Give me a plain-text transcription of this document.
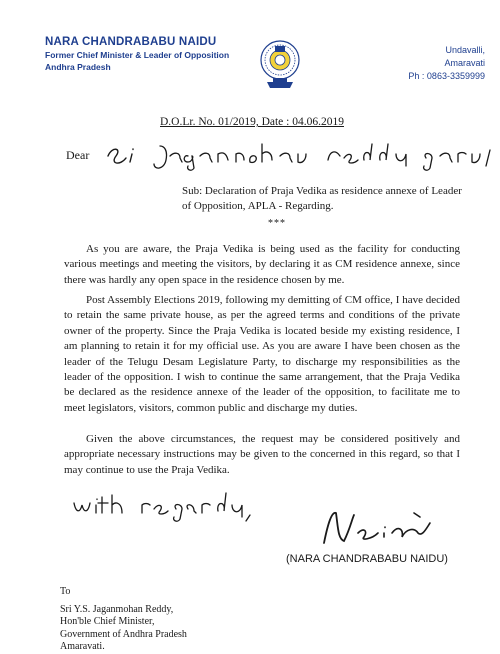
NARA CHANDRABABU NAIDU
Former Chief Minister & Leader of Opposition
Andhra Pradesh
Undavalli,
Amaravati
Ph : 0863-3359999
D.O.Lr. No. 01/2019, Date : 04.06.2019
Dear
Sub: Declaration of Praja Vedika as residence annexe of Leader of Opposition, APLA - Regarding.
***
As you are aware, the Praja Vedika is being used as the facility for conducting various meetings and meeting the visitors, by declaring it as CM residence annexe, since there was hardly any open space in the residence chosen by me.
Post Assembly Elections 2019, following my demitting of CM office, I have decided to retain the same private house, as per the agreed terms and conditions of the private owner of the property. Since the Praja Vedika is located beside my existing residence, I am planning to retain it for my official use. As you are aware I have been chosen as the leader of the Telugu Desam Legislature Party, to discharge my responsibilities as the leader of the opposition. I wish to continue the same arrangement, that the Praja Vedika be declared as the residence annexe of the leader of the opposition, to facilitate me to meet legislators, visitors, common public and discharge my duties.
Given the above circumstances, the request may be considered positively and appropriate necessary instructions may be given to the concerned in this regard, so that I may continue to use the Praja Vedika.
(NARA CHANDRABABU NAIDU)
To
Sri Y.S. Jaganmohan Reddy,
Hon'ble Chief Minister,
Government of Andhra Pradesh
Amaravati.
